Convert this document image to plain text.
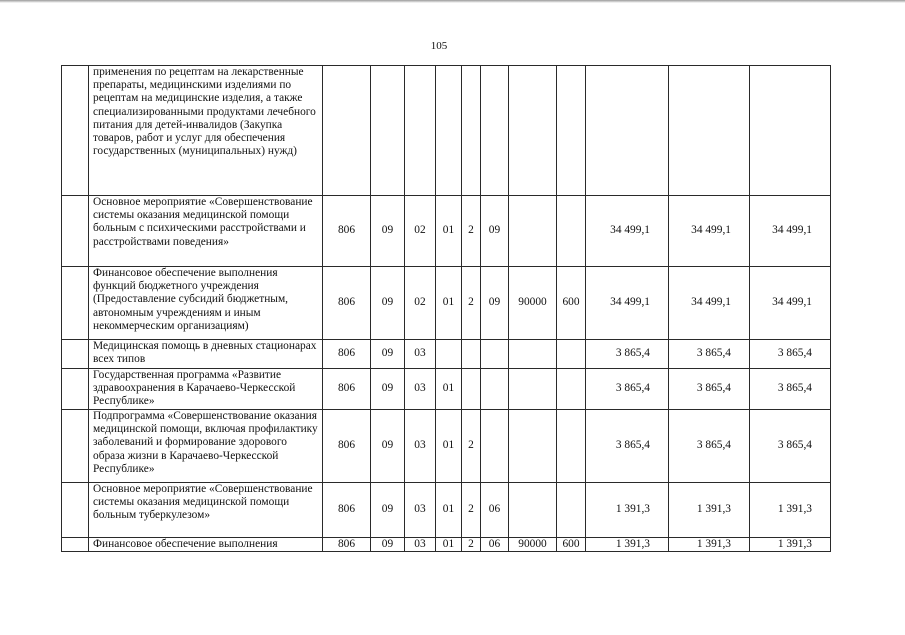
105
	применения по рецептам на лекарственные препараты, медицинскими изделиями по рецептам на медицинские изделия, а также специализированными продуктами лечебного питания для детей-инвалидов (Закупка товаров, работ и услуг для обеспечения государственных (муниципальных) нужд)											
	Основное мероприятие «Совершенствование системы оказания медицинской помощи больным с психическими расстройствами и расстройствами поведения»	806	09	02	01	2	09			34 499,1	34 499,1	34 499,1
	Финансовое обеспечение выполнения функций бюджетного учреждения (Предоставление субсидий бюджетным, автономным учреждениям и иным некоммерческим организациям)	806	09	02	01	2	09	90000	600	34 499,1	34 499,1	34 499,1
	Медицинская помощь в дневных стационарах всех типов	806	09	03						3 865,4	3 865,4	3 865,4
	Государственная программа «Развитие здравоохранения в Карачаево-Черкесской Республике»	806	09	03	01					3 865,4	3 865,4	3 865,4
	Подпрограмма «Совершенствование оказания медицинской помощи, включая профилактику заболеваний и формирование здорового образа жизни в Карачаево-Черкесской Республике»	806	09	03	01	2				3 865,4	3 865,4	3 865,4
	Основное мероприятие «Совершенствование системы оказания медицинской помощи больным туберкулезом»	806	09	03	01	2	06			1 391,3	1 391,3	1 391,3
	Финансовое обеспечение выполнения	806	09	03	01	2	06	90000	600	1 391,3	1 391,3	1 391,3
